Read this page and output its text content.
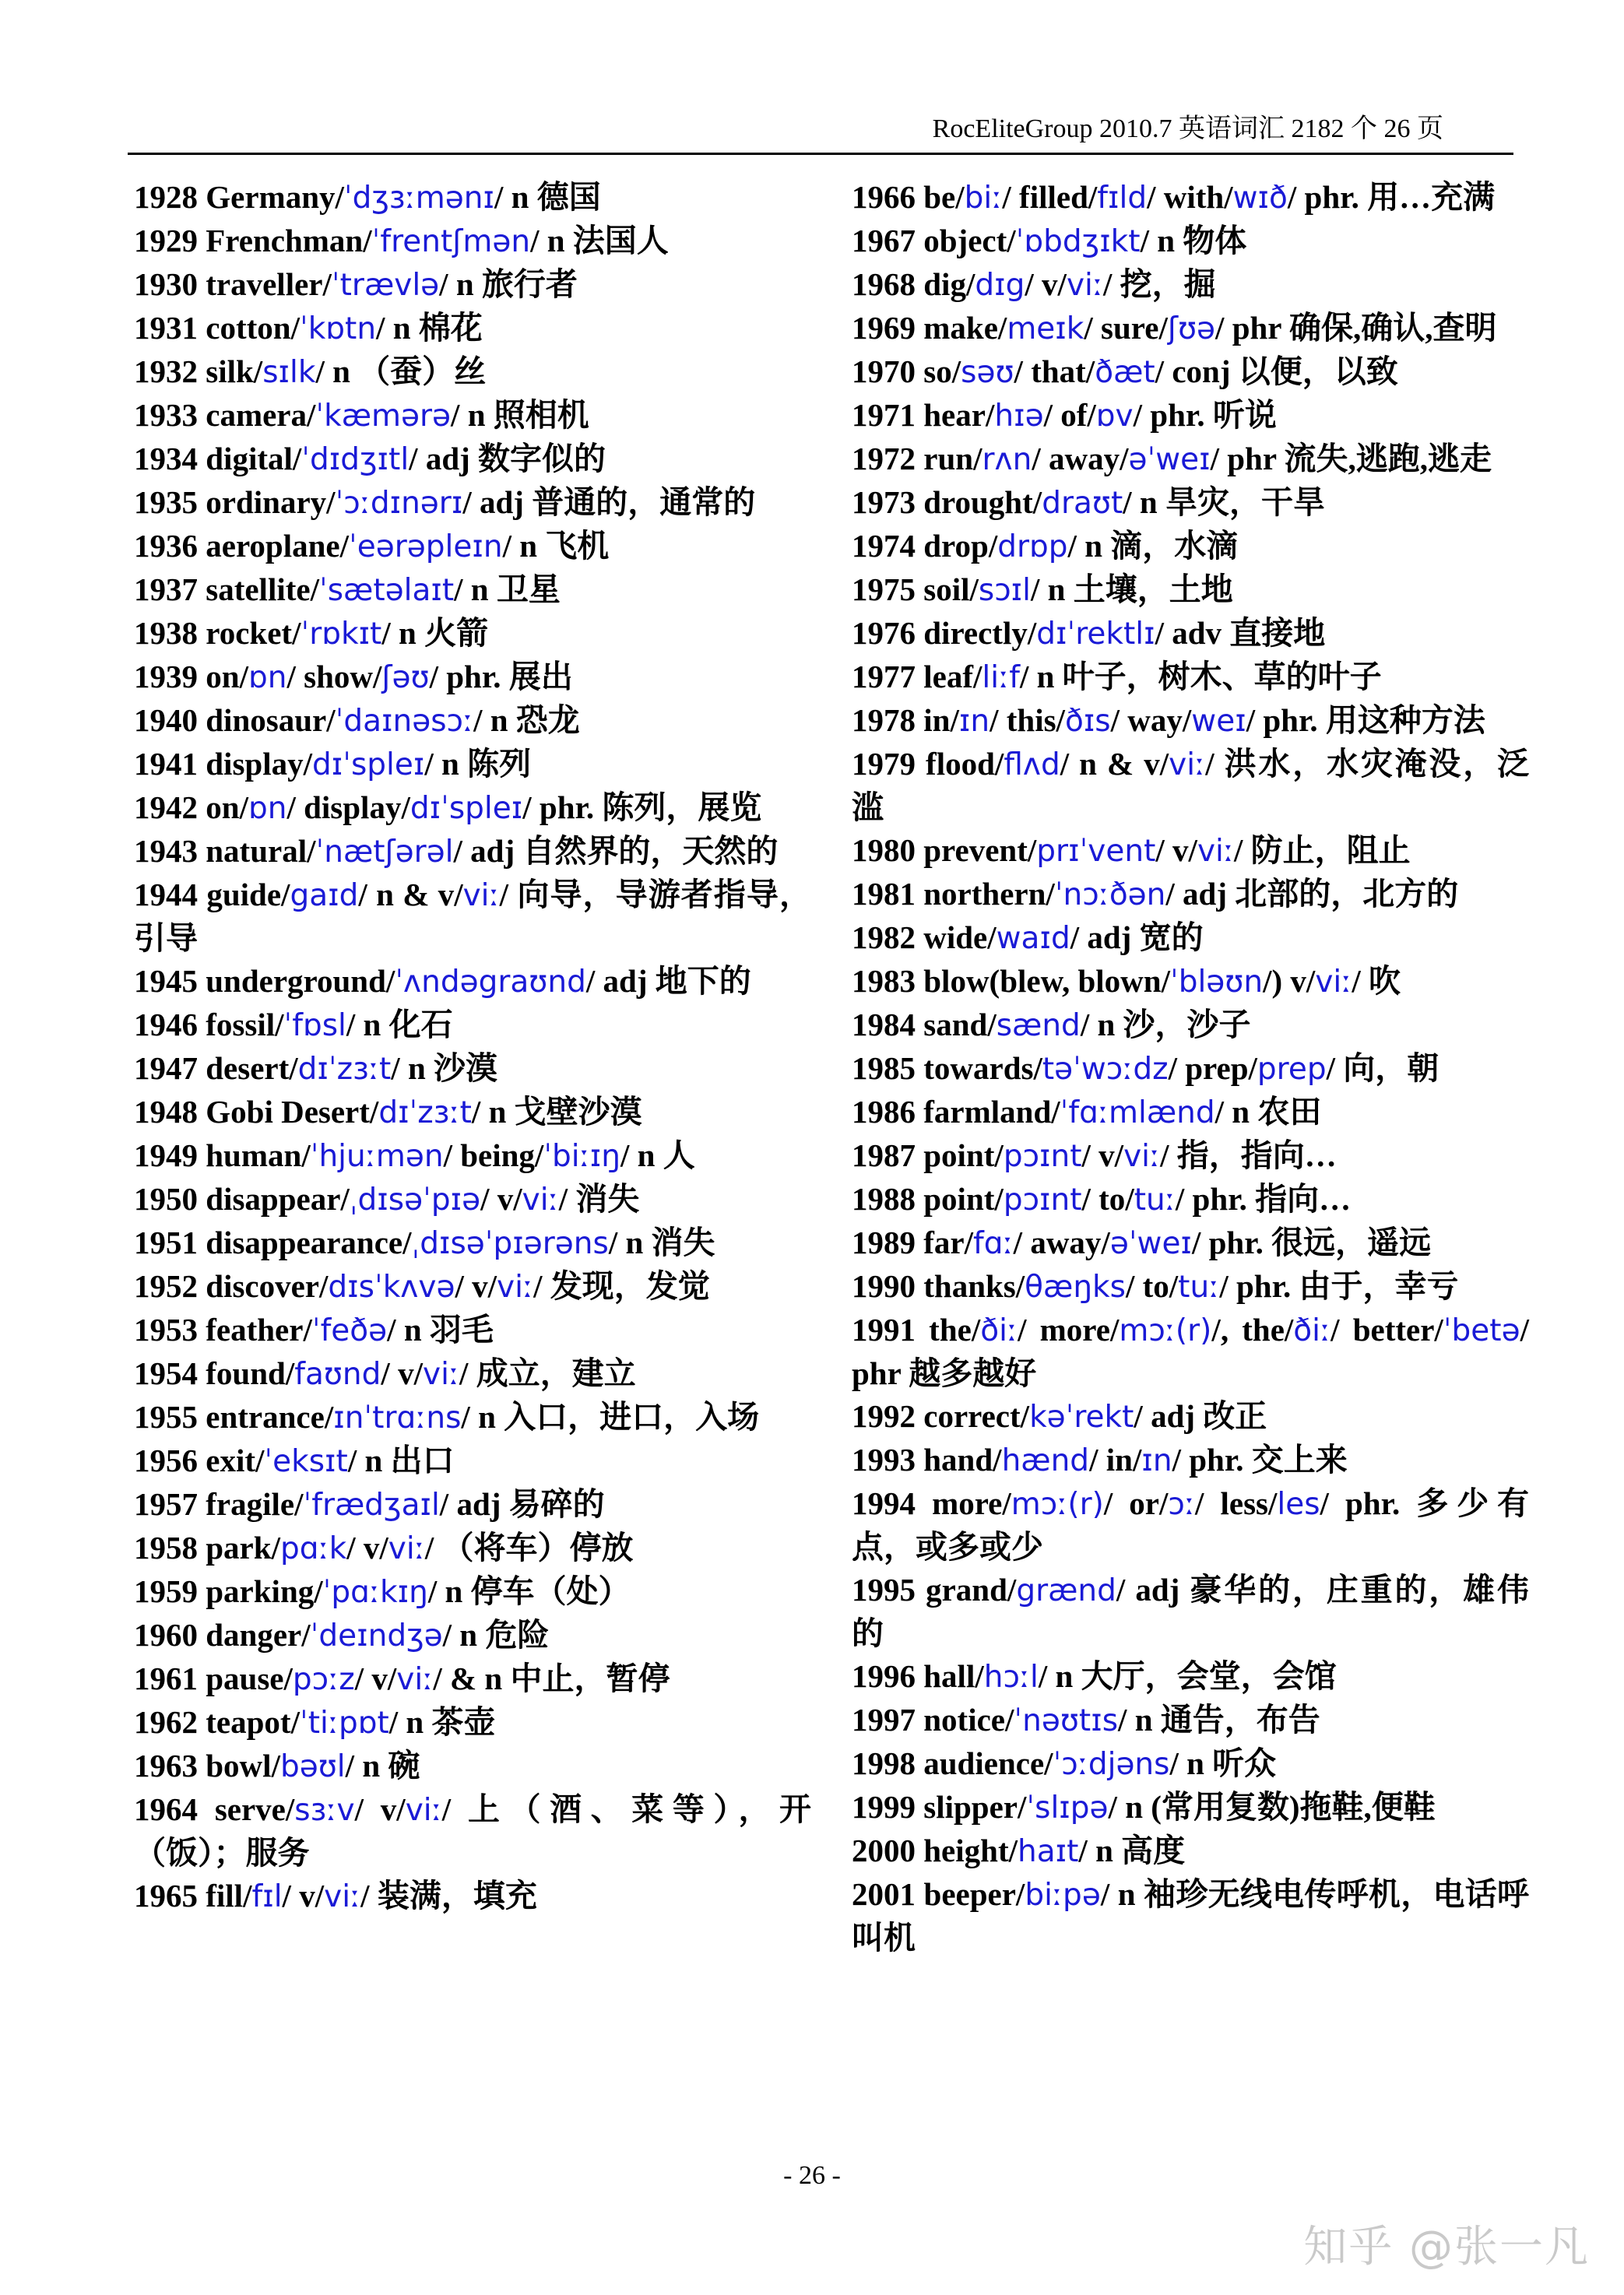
RocEliteGroup 2010.7 英语词汇 2182 个 26 页
1928 Germany/ˈdʒɜːmənɪ/ n 德国
1929 Frenchman/ˈfrentʃmən/ n 法国人
1930 traveller/ˈtrævlə/ n 旅行者
1931 cotton/ˈkɒtn/ n 棉花
1932 silk/sɪlk/ n （蚕）丝
1933 camera/ˈkæmərə/ n 照相机
1934 digital/ˈdɪdʒɪtl/ adj 数字似的
1935 ordinary/ˈɔːdɪnərɪ/ adj 普通的，通常的
1936 aeroplane/ˈeərəpleɪn/ n 飞机
1937 satellite/ˈsætəlaɪt/ n 卫星
1938 rocket/ˈrɒkɪt/ n 火箭
1939 on/ɒn/ show/ʃəʊ/ phr. 展出
1940 dinosaur/ˈdaɪnəsɔː/ n 恐龙
1941 display/dɪˈspleɪ/ n 陈列
1942 on/ɒn/ display/dɪˈspleɪ/ phr. 陈列，展览
1943 natural/ˈnætʃərəl/ adj 自然界的，天然的
1944 guide/gaɪd/ n & v/viː/ 向导，导游者指导，引导
1945 underground/ˈʌndəgraʊnd/ adj 地下的
1946 fossil/ˈfɒsl/ n 化石
1947 desert/dɪˈzɜːt/ n 沙漠
1948 Gobi Desert/dɪˈzɜːt/ n 戈壁沙漠
1949 human/ˈhjuːmən/ being/ˈbiːɪŋ/ n 人
1950 disappear/ˌdɪsəˈpɪə/ v/viː/ 消失
1951 disappearance/ˌdɪsəˈpɪərəns/ n 消失
1952 discover/dɪsˈkʌvə/ v/viː/ 发现，发觉
1953 feather/ˈfeðə/ n 羽毛
1954 found/faʊnd/ v/viː/ 成立，建立
1955 entrance/ɪnˈtrɑːns/ n 入口，进口，入场
1956 exit/ˈeksɪt/ n 出口
1957 fragile/ˈfrædʒaɪl/ adj 易碎的
1958 park/pɑːk/ v/viː/ （将车）停放
1959 parking/ˈpɑːkɪŋ/ n 停车（处）
1960 danger/ˈdeɪndʒə/ n 危险
1961 pause/pɔːz/ v/viː/ & n 中止，暂停
1962 teapot/ˈtiːpɒt/ n 茶壶
1963 bowl/bəʊl/ n 碗
1964 serve/sɜːv/ v/viː/ 上（酒、菜等），开（饭）；服务
1965 fill/fɪl/ v/viː/ 装满，填充
1966 be/biː/ filled/fɪld/ with/wɪð/ phr. 用…充满
1967 object/ˈɒbdʒɪkt/ n 物体
1968 dig/dɪg/ v/viː/ 挖，掘
1969 make/meɪk/ sure/ʃʊə/ phr 确保,确认,查明
1970 so/səʊ/ that/ðæt/ conj 以便，以致
1971 hear/hɪə/ of/ɒv/ phr. 听说
1972 run/rʌn/ away/əˈweɪ/ phr 流失,逃跑,逃走
1973 drought/draʊt/ n 旱灾，干旱
1974 drop/drɒp/ n 滴，水滴
1975 soil/sɔɪl/ n 土壤，土地
1976 directly/dɪˈrektlɪ/ adv 直接地
1977 leaf/liːf/ n 叶子，树木、草的叶子
1978 in/ɪn/ this/ðɪs/ way/weɪ/ phr. 用这种方法
1979 flood/flʌd/ n & v/viː/ 洪水，水灾淹没，泛滥
1980 prevent/prɪˈvent/ v/viː/ 防止，阻止
1981 northern/ˈnɔːðən/ adj 北部的，北方的
1982 wide/waɪd/ adj 宽的
1983 blow(blew, blown/ˈbləʊn/) v/viː/ 吹
1984 sand/sænd/ n 沙，沙子
1985 towards/təˈwɔːdz/ prep/prep/ 向，朝
1986 farmland/ˈfɑːmlænd/ n 农田
1987 point/pɔɪnt/ v/viː/ 指，指向…
1988 point/pɔɪnt/ to/tuː/ phr. 指向…
1989 far/fɑː/ away/əˈweɪ/ phr. 很远，遥远
1990 thanks/θæŋks/ to/tuː/ phr. 由于，幸亏
1991 the/ðiː/ more/mɔː(r)/, the/ðiː/ better/ˈbetə/ phr 越多越好
1992 correct/kəˈrekt/ adj 改正
1993 hand/hænd/ in/ɪn/ phr. 交上来
1994 more/mɔː(r)/ or/ɔː/ less/les/ phr. 多少有点，或多或少
1995 grand/grænd/ adj 豪华的，庄重的，雄伟的
1996 hall/hɔːl/ n 大厅，会堂，会馆
1997 notice/ˈnəʊtɪs/ n 通告，布告
1998 audience/ˈɔːdjəns/ n 听众
1999 slipper/ˈslɪpə/ n (常用复数)拖鞋,便鞋
2000 height/haɪt/ n 高度
2001 beeper/biːpə/ n 袖珍无线电传呼机，电话呼叫机
- 26 -
知乎 @张一凡
